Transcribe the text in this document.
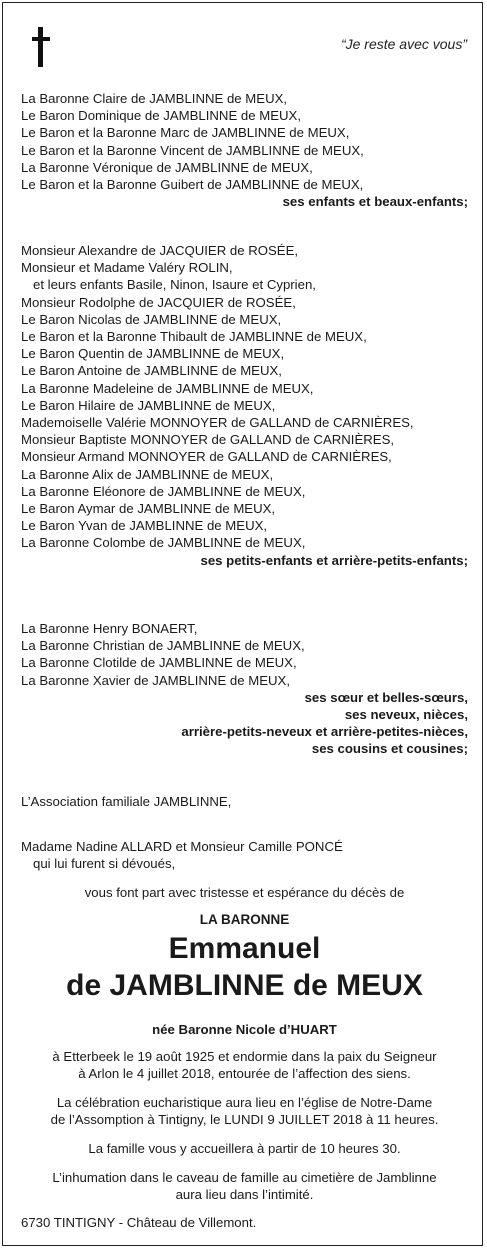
“Je reste avec vous”
La Baronne Claire de JAMBLINNE de MEUX,
Le Baron Dominique de JAMBLINNE de MEUX,
Le Baron et la Baronne Marc de JAMBLINNE de MEUX,
Le Baron et la Baronne Vincent de JAMBLINNE de MEUX,
La Baronne Véronique de JAMBLINNE de MEUX,
Le Baron et la Baronne Guibert de JAMBLINNE de MEUX,
ses enfants et beaux-enfants;
Monsieur Alexandre de JACQUIER de ROSÉE,
Monsieur et Madame Valéry ROLIN,
et leurs enfants Basile, Ninon, Isaure et Cyprien,
Monsieur Rodolphe de JACQUIER de ROSÉE,
Le Baron Nicolas de JAMBLINNE de MEUX,
Le Baron et la Baronne Thibault de JAMBLINNE de MEUX,
Le Baron Quentin de JAMBLINNE de MEUX,
Le Baron Antoine de JAMBLINNE de MEUX,
La Baronne Madeleine de JAMBLINNE de MEUX,
Le Baron Hilaire de JAMBLINNE de MEUX,
Mademoiselle Valérie MONNOYER de GALLAND de CARNIÈRES,
Monsieur Baptiste MONNOYER de GALLAND de CARNIÈRES,
Monsieur Armand MONNOYER de GALLAND de CARNIÈRES,
La Baronne Alix de JAMBLINNE de MEUX,
La Baronne Eléonore de JAMBLINNE de MEUX,
Le Baron Aymar de JAMBLINNE de MEUX,
Le Baron Yvan de JAMBLINNE de MEUX,
La Baronne Colombe de JAMBLINNE de MEUX,
ses petits-enfants et arrière-petits-enfants;
La Baronne Henry BONAERT,
La Baronne Christian de JAMBLINNE de MEUX,
La Baronne Clotilde de JAMBLINNE de MEUX,
La Baronne Xavier de JAMBLINNE de MEUX,
ses sœur et belles-sœurs,
ses neveux, nièces,
arrière-petits-neveux et arrière-petites-nièces,
ses cousins et cousines;
L’Association familiale JAMBLINNE,
Madame Nadine ALLARD et Monsieur Camille PONCÉ
qui lui furent si dévoués,
vous font part avec tristesse et espérance du décès de
LA BARONNE
Emmanuel
de JAMBLINNE de MEUX
née Baronne Nicole d’HUART
à Etterbeek le 19 août 1925 et endormie dans la paix du Seigneur
à Arlon le 4 juillet 2018, entourée de l’affection des siens.
La célébration eucharistique aura lieu en l’église de Notre-Dame
de l’Assomption à Tintigny, le LUNDI 9 JUILLET 2018 à 11 heures.
La famille vous y accueillera à partir de 10 heures 30.
L’inhumation dans le caveau de famille au cimetière de Jamblinne
aura lieu dans l’intimité.
6730 TINTIGNY - Château de Villemont.
